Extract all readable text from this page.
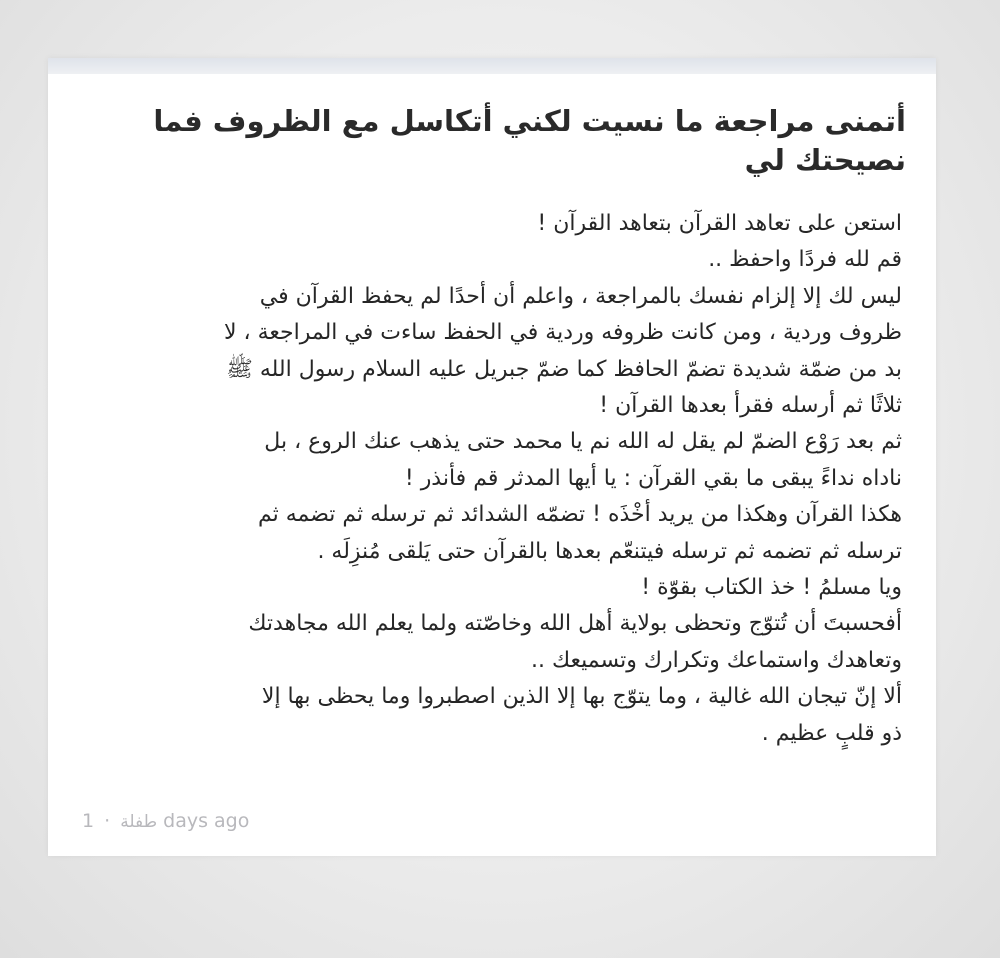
أتمنى مراجعة ما نسيت لكني أتكاسل مع الظروف فما
نصيحتك لي
استعن على تعاهد القرآن بتعاهد القرآن !
قم لله فردًا واحفظ ..
ليس لك إلا إلزام نفسك بالمراجعة ، واعلم أن أحدًا لم يحفظ القرآن في
ظروف وردية ، ومن كانت ظروفه وردية في الحفظ ساءت في المراجعة ، لا
بد من ضمّة شديدة تضمّ الحافظ كما ضمّ جبريل عليه السلام رسول الله ﷺ
ثلاثًا ثم أرسله فقرأ بعدها القرآن !
ثم بعد رَوْع الضمّ لم يقل له الله نم يا محمد حتى يذهب عنك الروع ، بل
ناداه نداءً يبقى ما بقي القرآن : يا أيها المدثر قم فأنذر !
هكذا القرآن وهكذا من يريد أخْذَه ! تضمّه الشدائد ثم ترسله ثم تضمه ثم
ترسله ثم تضمه ثم ترسله فيتنعّم بعدها بالقرآن حتى يَلقى مُنزِلَه .
ويا مسلمُ ! خذ الكتاب بقوّة !
أفحسبتَ أن تُتوّج وتحظى بولاية أهل الله وخاصّته ولما يعلم الله مجاهدتك
وتعاهدك واستماعك وتكرارك وتسميعك ..
ألا إنّ تيجان الله غالية ، وما يتوّج بها إلا الذين اصطبروا وما يحظى بها إلا
ذو قلبٍ عظيم .
طفلة · 1 days ago
